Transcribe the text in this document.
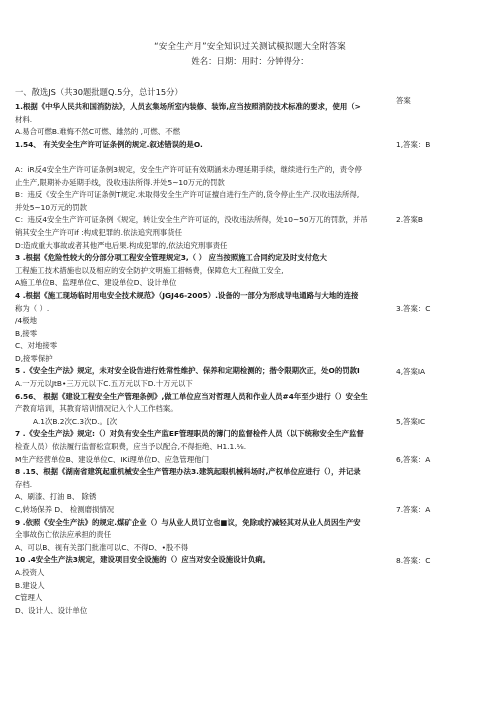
“安全生产月”安全知识过关测试模拟题大全附答案
姓名：日期：用时：分钟得分：
一、散选JS（共30题批题Q.5分，总计15分）
1.根据《中华人民共和国消防法》，人员玄集场所室内装修、装饰,应当按照消防技术标准的要求，使用（>
材料.
A.易合可燃B.难悔不然C可燃、雄然的 ,可燃、不燃
1.54、 有关安全生产许可证条例的规定.叙述错误的是O.
A：iR反4安全生产许可证条例3规定，安全生产许可证有效期涵未办理延期手续，继续进行生产的，责令停
止生产,限期补办延期手线，没收违法所得.并处5~10万元的罚款
B：违反《安全生产许可证条例T规定.未取得安全生产许可证擅自进行生产的,货令停止生产.汉收违法所得,
并处5~10万元的罚款
C：违反4安全生产许可证条例《规定，转让安全生产许可证的，没收违法所得，处10~50万兀的罚款，并吊
销其安全生产许可if :构成犯罪的.依法追究刑事货任
D:造成重大事故或者其他严电后果.构成犯罪的,依法追究刑事责任
3 .根据《危险性较大的分部分项工程安全管理规定3,（ ） 应当按照施工合同约定及时支付危大
工程施工技术措施也以及相应的安全防护文明施工措畅费，保障危大工程做工安全,
A施工单位B、监理单位C、建设单位D、设计单位
4 .根据《施工现场临时用电安全技术规范》（JGJ46-2005）.设备的一部分为形成导电通路与大地的连接
称为（ ）.
/4极地
B,接零
C、对地接零
D,接零保护
5 .《安全生产法》规定，未对安全设告进行姓常性维护、保养和定期检测的；揩令限期次正，处O的罚款I
A.一万元以JtB•三万元以下C.五万元以下D.十万元以下
6.56、 根据《建设工程安全生产管理条例》,做工单位应当对哲理人员和作业人员#4年至少进行（）安全生
产教育培训，其教育培训情况记入个人工作档案。
A.1次B.2次C.3次D.。[次
7 .《安全生产法》规定:（）对负有安全生产监EF管理职员的簿门的监督检件人员（以下统称安全生产监督
检查人员）依法履行监督松宣职费，应当予以配合,不得拒绝、H1.1.⅛.
M生产经营单位B、建设单位C、IKi理单位D、应急管理他门
8 .15、根据《湖南省建筑起重机械安全生产管理办法3.建筑起眼机械科场时,产权单位应进行（），并记录
存档.
A、刷漆、打油 B、 除锈
C,转场保养 D、 检测磨损情况
9 .依照《安全生产法》的规定.煤矿企业（）与从业人员订立也■议，免除或拧减轻其对从业人员因生产安
全事故伤亡依法应承担的责任
A、可以B、视有关部门批准可以C、不得D、•股不得
10 .4安全生产法3规定，建设项目安全设施的（）应当对安全设施设计负痢。
A.投资人
B.建设人
C管理人
D、设计人、设计单位
答案
1,答案：B
2.答案B
3.答案：C
4,答案IA
5,答案IC
6,答案：A
7.答案：A
8.答案：C
